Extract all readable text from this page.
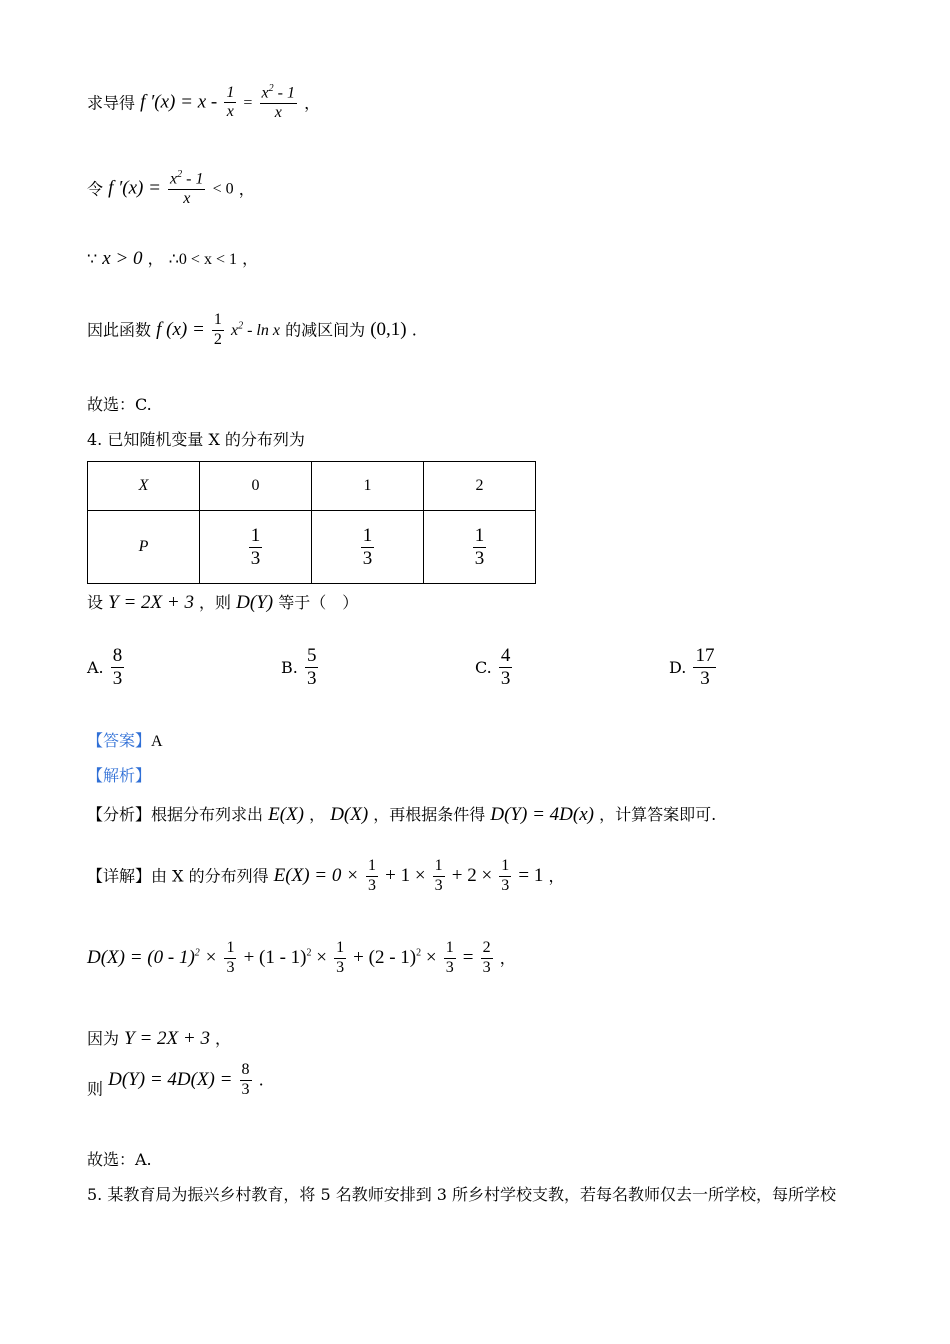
求导得 f $'(x) = x - \frac{1}{x} = \frac{x^2 - 1}{x}$ ，
令 f $'(x) = \frac{x^2 - 1}{x} < 0$ ，
∵ x > 0 ， ∴0 < x < 1 ，
因此函数 f $(x) = \frac{1}{2} x^2 - \ln x$ 的减区间为 (0,1) .
故选：C.
4. 已知随机变量 X 的分布列为
X	0	1	2
P	$\frac{1}{3}$	$\frac{1}{3}$	$\frac{1}{3}$
设 Y = 2X + 3 ，则 D(Y) 等于（　）
A. $\frac{8}{3}$	B. $\frac{5}{3}$	C. $\frac{4}{3}$	D. $\frac{17}{3}$
【答案】A
【解析】
【分析】根据分布列求出 E(X) ， D(X) ，再根据条件得 D(Y) = 4D(x) ，计算答案即可.
【详解】由 X 的分布列得 $E(X) = 0 \times \frac{1}{3} + 1 \times \frac{1}{3} + 2 \times \frac{1}{3} = 1$ ，
$D(X) = (0 - 1)^2 \times \frac{1}{3} + (1 - 1)^2 \times \frac{1}{3} + (2 - 1)^2 \times \frac{1}{3} = \frac{2}{3}$ ，
因为 Y = 2X + 3 ，
则 $D(Y) = 4D(X) = \frac{8}{3}$ .
故选：A.
5. 某教育局为振兴乡村教育，将 5 名教师安排到 3 所乡村学校支教，若每名教师仅去一所学校，每所学校
